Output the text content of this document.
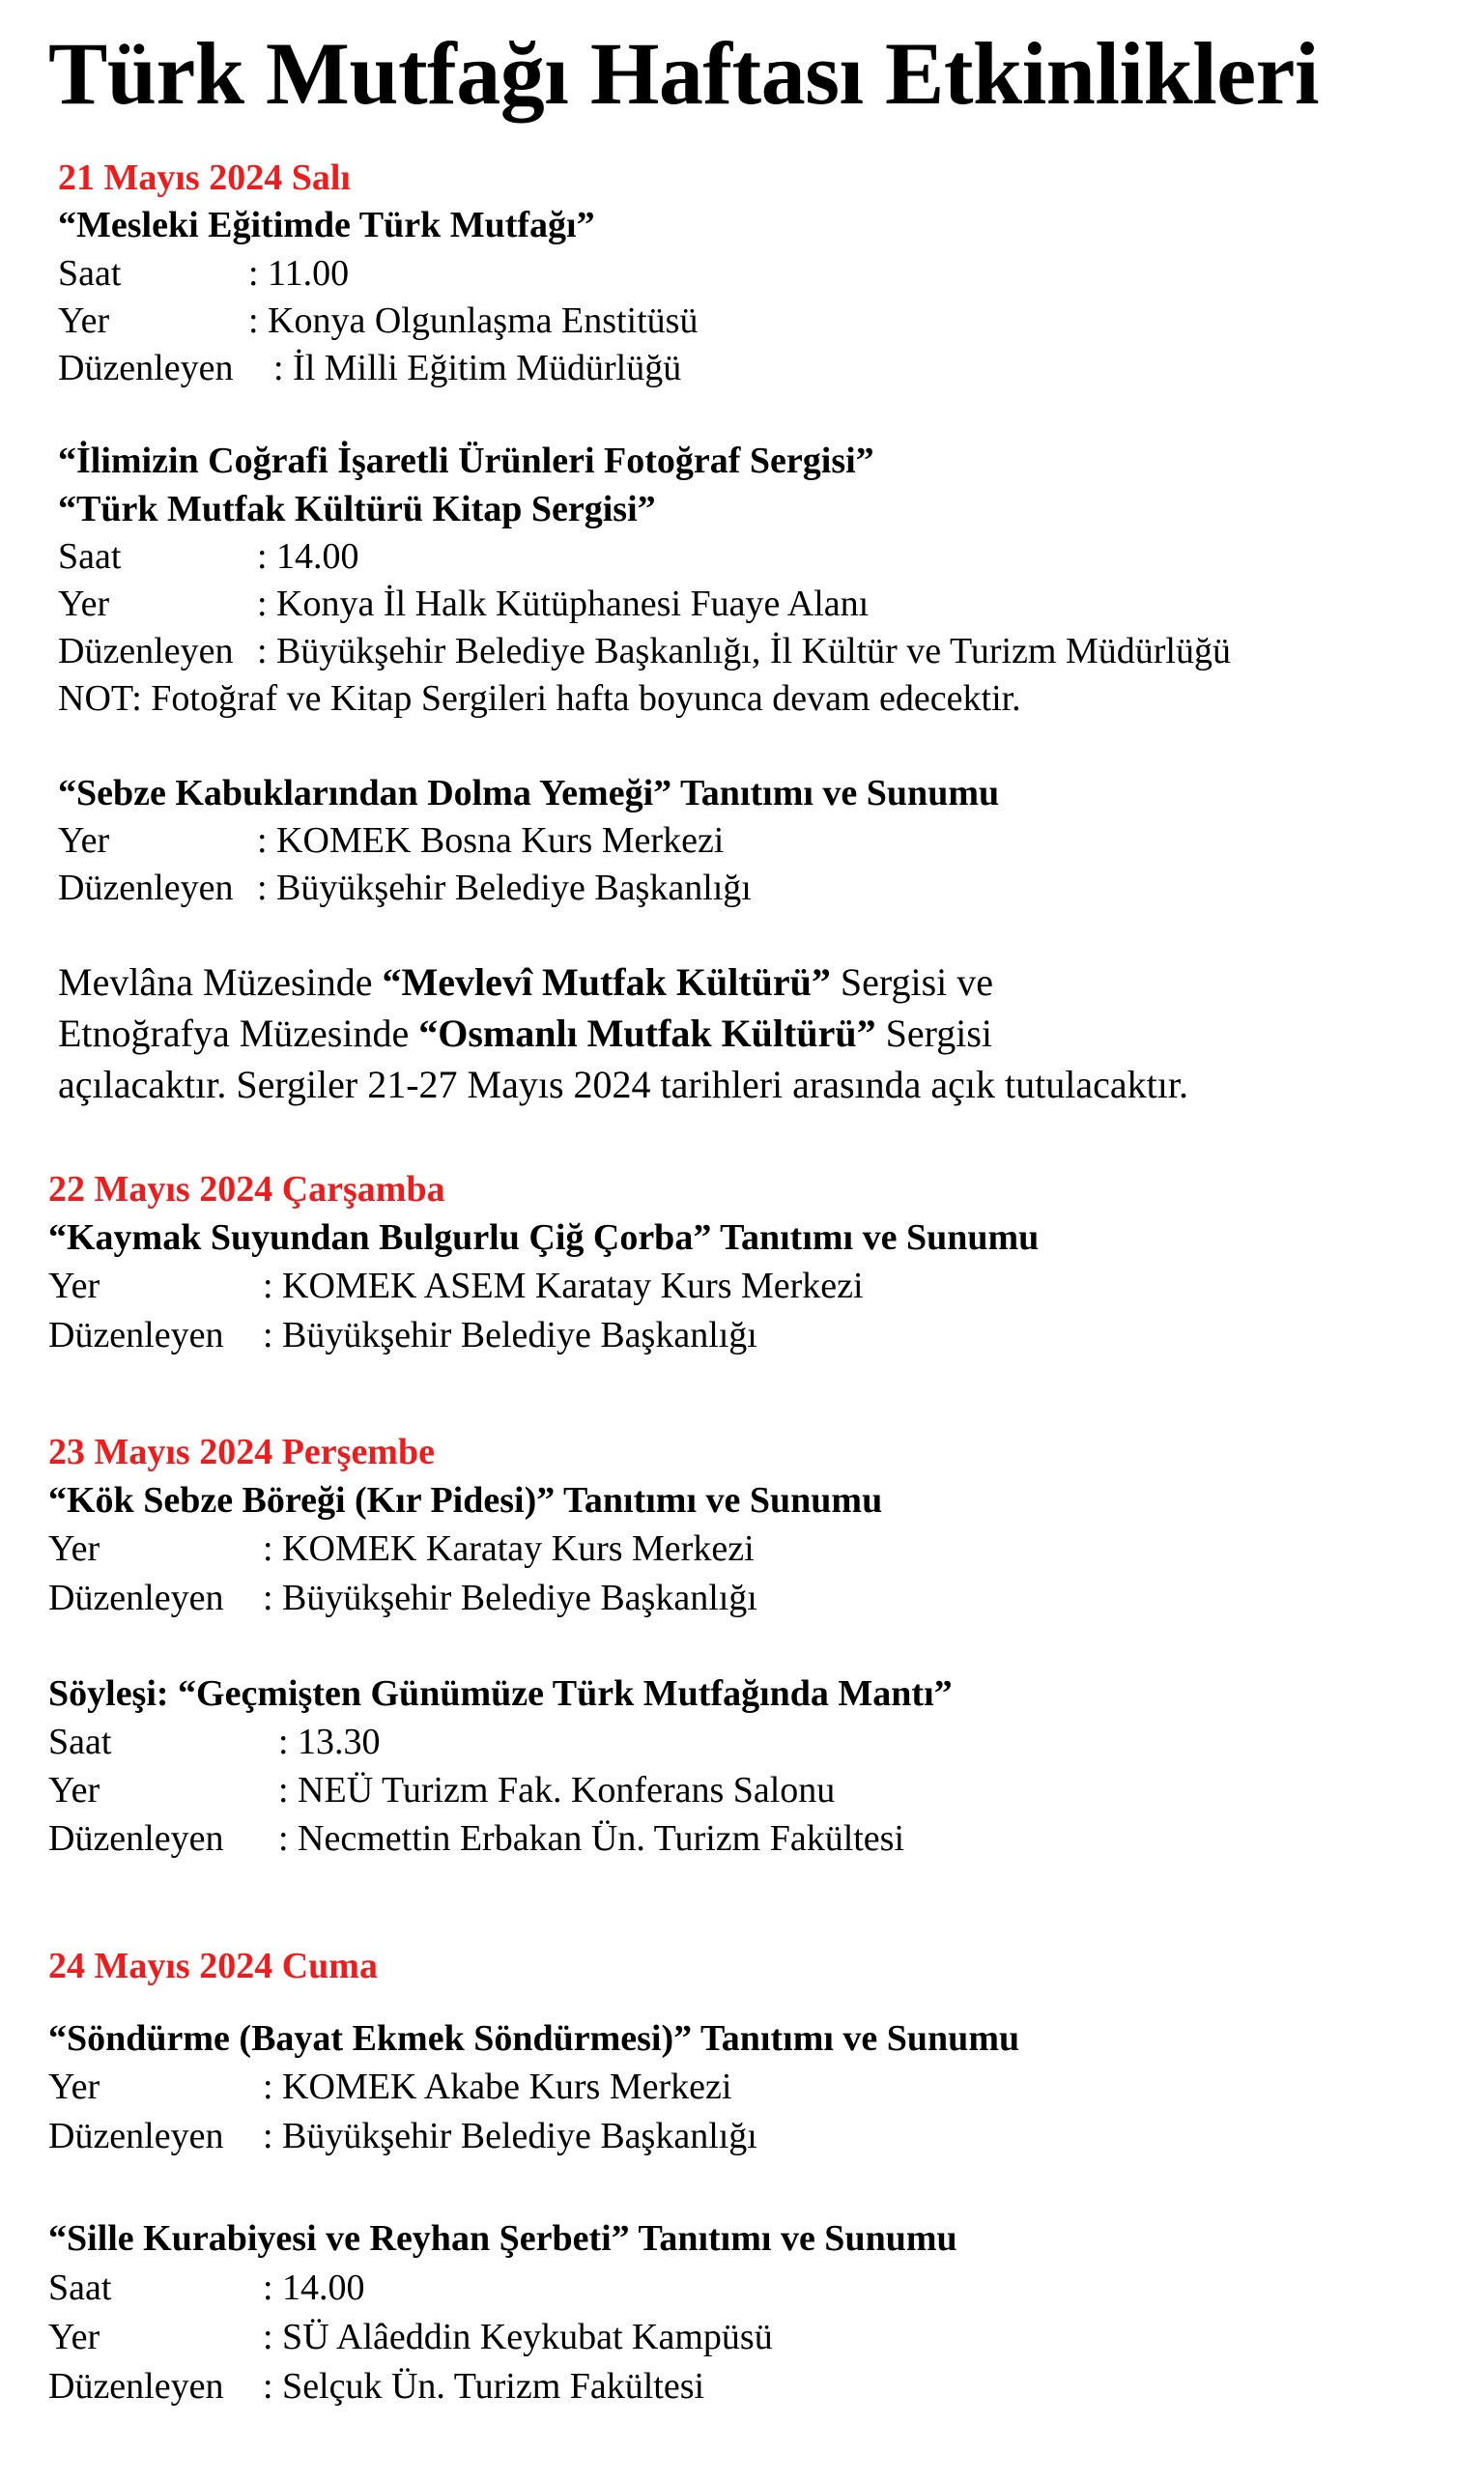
Türk Mutfağı Haftası Etkinlikleri
21 Mayıs 2024 Salı
“Mesleki Eğitimde Türk Mutfağı”
Saat	: 11.00
Yer	: Konya Olgunlaşma Enstitüsü
Düzenleyen : İl Milli Eğitim Müdürlüğü
“İlimizin Coğrafi İşaretli Ürünleri Fotoğraf Sergisi”
“Türk Mutfak Kültürü Kitap Sergisi”
Saat	: 14.00
Yer	: Konya İl Halk Kütüphanesi Fuaye Alanı
Düzenleyen : Büyükşehir Belediye Başkanlığı, İl Kültür ve Turizm Müdürlüğü
NOT: Fotoğraf ve Kitap Sergileri hafta boyunca devam edecektir.
“Sebze Kabuklarından Dolma Yemeği” Tanıtımı ve Sunumu
Yer	: KOMEK Bosna Kurs Merkezi
Düzenleyen : Büyükşehir Belediye Başkanlığı
Mevlâna Müzesinde “Mevlevî Mutfak Kültürü” Sergisi ve
Etnoğrafya Müzesinde “Osmanlı Mutfak Kültürü” Sergisi
açılacaktır. Sergiler 21-27 Mayıs 2024 tarihleri arasında açık tutulacaktır.
22 Mayıs 2024 Çarşamba
“Kaymak Suyundan Bulgurlu Çiğ Çorba” Tanıtımı ve Sunumu
Yer	: KOMEK ASEM Karatay Kurs Merkezi
Düzenleyen : Büyükşehir Belediye Başkanlığı
23 Mayıs 2024 Perşembe
“Kök Sebze Böreği (Kır Pidesi)” Tanıtımı ve Sunumu
Yer	: KOMEK Karatay Kurs Merkezi
Düzenleyen : Büyükşehir Belediye Başkanlığı
Söyleşi: “Geçmişten Günümüze Türk Mutfağında Mantı”
Saat	: 13.30
Yer	: NEÜ Turizm Fak. Konferans Salonu
Düzenleyen : Necmettin Erbakan Ün. Turizm Fakültesi
24 Mayıs 2024 Cuma
“Söndürme (Bayat Ekmek Söndürmesi)” Tanıtımı ve Sunumu
Yer	: KOMEK Akabe Kurs Merkezi
Düzenleyen : Büyükşehir Belediye Başkanlığı
“Sille Kurabiyesi ve Reyhan Şerbeti” Tanıtımı ve Sunumu
Saat	: 14.00
Yer	: SÜ Alâeddin Keykubat Kampüsü
Düzenleyen : Selçuk Ün. Turizm Fakültesi
